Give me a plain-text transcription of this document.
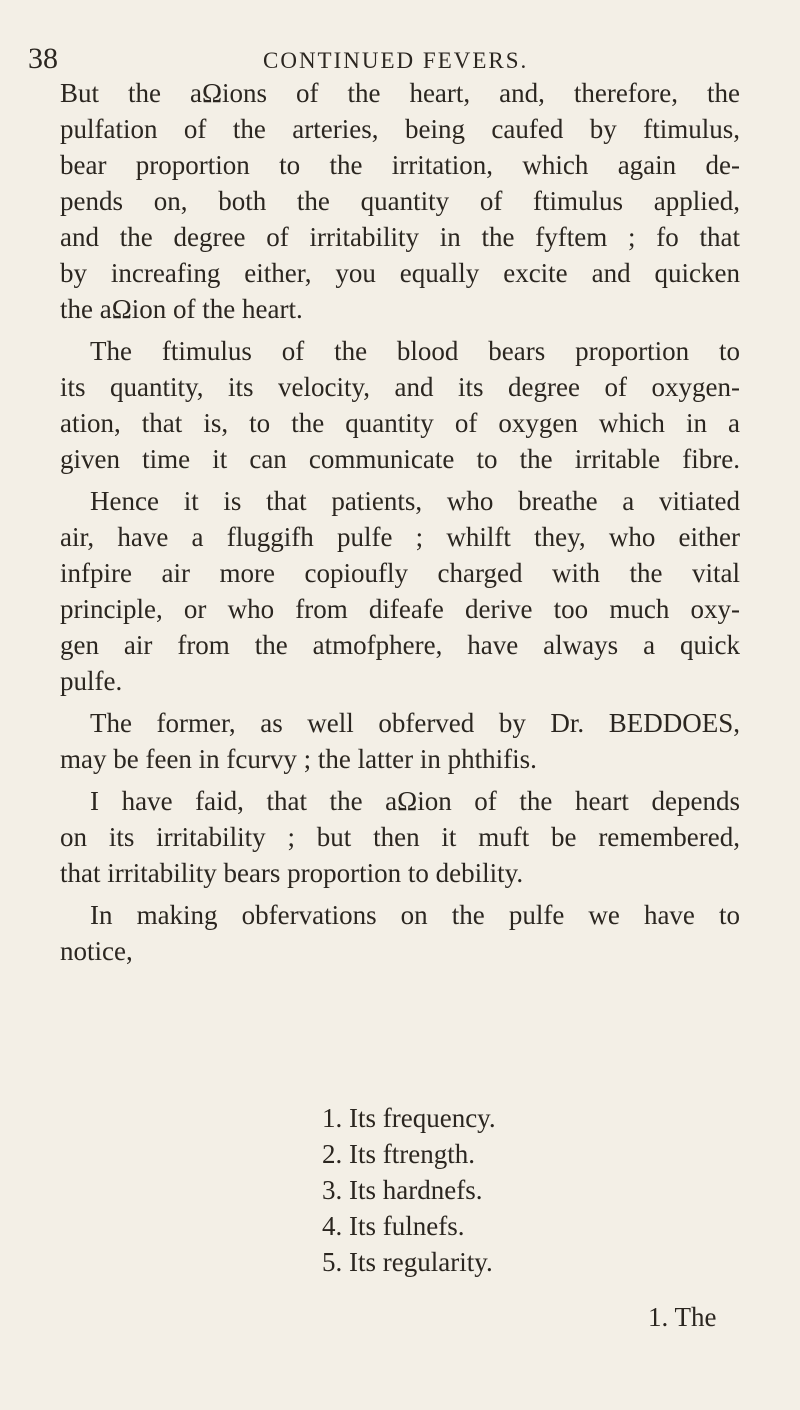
38	CONTINUED FEVERS.
But the aΩions of the heart, and, therefore, the
pulfation of the arteries, being caufed by ftimulus,
bear proportion to the irritation, which again de-
pends on, both the quantity of ftimulus applied,
and the degree of irritability in the fyftem ; fo that
by increafing either, you equally excite and quicken
the aΩion of the heart.
The ftimulus of the blood bears proportion to
its quantity, its velocity, and its degree of oxygen-
ation, that is, to the quantity of oxygen which in a
given time it can communicate to the irritable fibre.
Hence it is that patients, who breathe a vitiated
air, have a fluggifh pulfe ; whilft they, who either
infpire air more copioufly charged with the vital
principle, or who from difeafe derive too much oxy-
gen air from the atmofphere, have always a quick
pulfe.
The former, as well obferved by Dr. BEDDOES,
may be feen in fcurvy ; the latter in phthifis.
I have faid, that the aΩion of the heart depends
on its irritability ; but then it muft be remembered,
that irritability bears proportion to debility.
In making obfervations on the pulfe we have to
notice,
1. Its frequency.
2. Its ftrength.
3. Its hardnefs.
4. Its fulnefs.
5. Its regularity.
1. The
